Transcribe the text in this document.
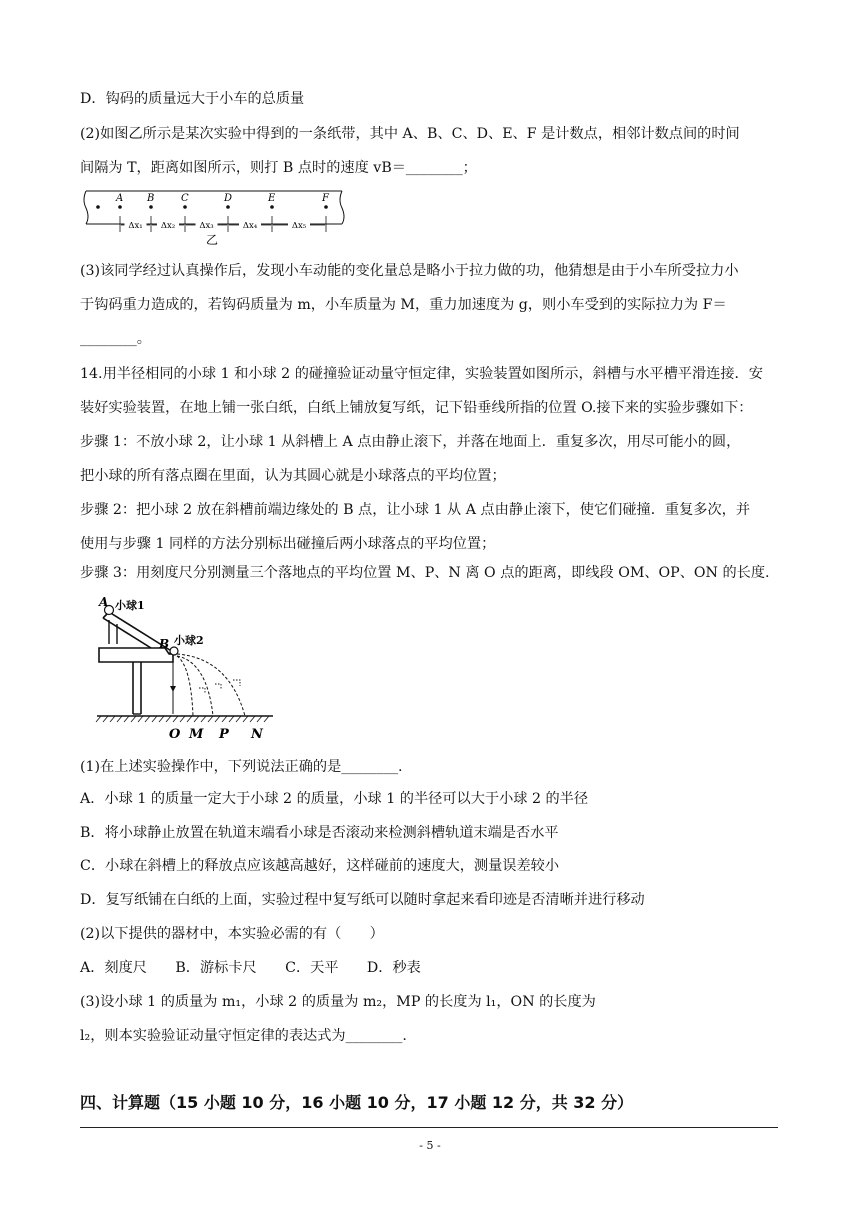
D．钩码的质量远大于小车的总质量
(2)如图乙所示是某次实验中得到的一条纸带，其中 A、B、C、D、E、F 是计数点，相邻计数点间的时间
间隔为 T，距离如图所示，则打 B 点时的速度 vB＝________；
A B	C	D	E	F
Δx₁ Δx₂	Δx₃	Δx₄	Δx₅
乙
(3)该同学经过认真操作后，发现小车动能的变化量总是略小于拉力做的功，他猜想是由于小车所受拉力小
于钩码重力造成的，若钩码质量为 m，小车质量为 M，重力加速度为 g，则小车受到的实际拉力为 F＝
________。
14.用半径相同的小球 1 和小球 2 的碰撞验证动量守恒定律，实验装置如图所示，斜槽与水平槽平滑连接．安
装好实验装置，在地上铺一张白纸，白纸上铺放复写纸，记下铅垂线所指的位置 O.接下来的实验步骤如下：
步骤 1：不放小球 2，让小球 1 从斜槽上 A 点由静止滚下，并落在地面上．重复多次，用尽可能小的圆，
把小球的所有落点圈在里面，认为其圆心就是小球落点的平均位置；
步骤 2：把小球 2 放在斜槽前端边缘处的 B 点，让小球 1 从 A 点由静止滚下，使它们碰撞．重复多次，并
使用与步骤 1 同样的方法分别标出碰撞后两小球落点的平均位置；
步骤 3：用刻度尺分别测量三个落地点的平均位置 M、P、N 离 O 点的距离，即线段 OM、OP、ON 的长度.
A 小球1
B 小球2
O M P N
(1)在上述实验操作中，下列说法正确的是________.
A．小球 1 的质量一定大于小球 2 的质量，小球 1 的半径可以大于小球 2 的半径
B．将小球静止放置在轨道末端看小球是否滚动来检测斜槽轨道末端是否水平
C．小球在斜槽上的释放点应该越高越好，这样碰前的速度大，测量误差较小
D．复写纸铺在白纸的上面，实验过程中复写纸可以随时拿起来看印迹是否清晰并进行移动
(2)以下提供的器材中，本实验必需的有（　　）
A．刻度尺　　B．游标卡尺　　C．天平　　D．秒表
(3)设小球 1 的质量为 m₁，小球 2 的质量为 m₂，MP 的长度为 l₁，ON 的长度为
l₂，则本实验验证动量守恒定律的表达式为________.
四、计算题（15 小题 10 分，16 小题 10 分，17 小题 12 分，共 32 分）
- 5 -
